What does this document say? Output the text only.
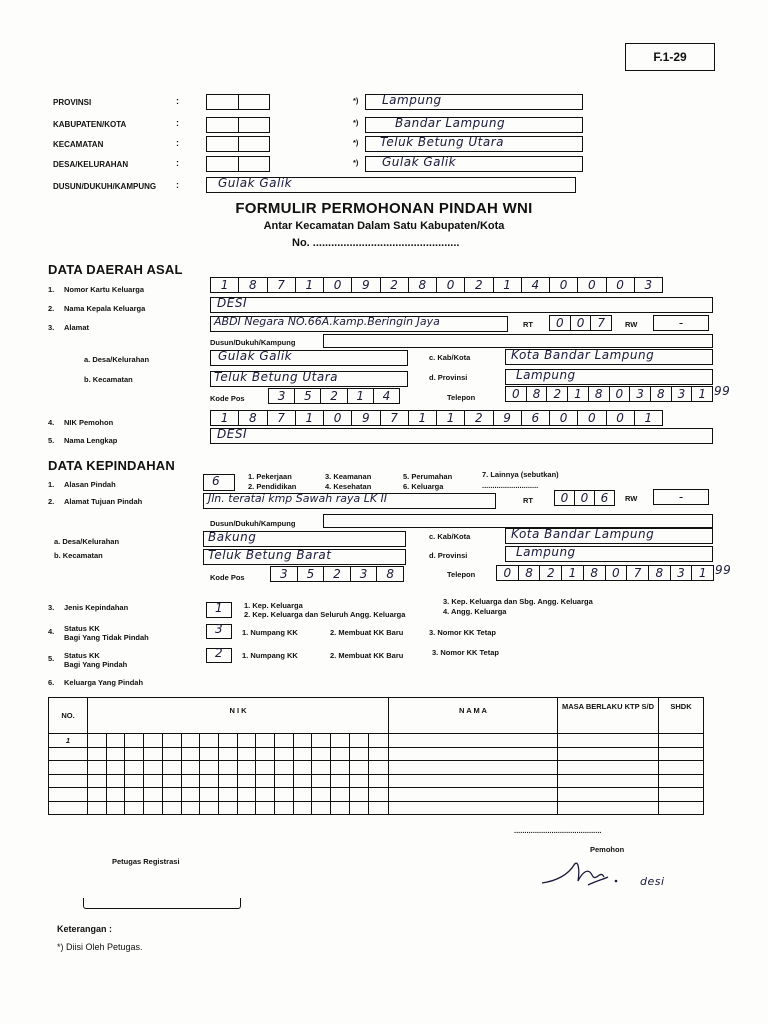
F.1-29
PROVINSI	:	*) Lampung
KABUPATEN/KOTA	:	*)	Bandar Lampung
KECAMATAN	:	*) Teluk Betung Utara
DESA/KELURAHAN	:	*) Gulak Galik
DUSUN/DUKUH/KAMPUNG :	Gulak Galik
FORMULIR PERMOHONAN PINDAH WNI
Antar Kecamatan Dalam Satu Kabupaten/Kota
No. ................................................
DATA DAERAH ASAL
1. Nomor Kartu Keluarga	1	8	7	1	0	9	2	8	0	2	1	4	0	0	0	3
2. Nama Kepala Keluarga	DESI
3. Alamat	ABDI Negara NO.66A.kamp.Beringin Jaya	RT	0	0	7	RW	-
Dusun/Dukuh/Kampung
a. Desa/Kelurahan	Gulak Galik	c. Kab/Kota	Kota Bandar Lampung
b. Kecamatan	Teluk Betung Utara	d. Provinsi	Lampung
Kode Pos	3	5	2	1	4	Telepon	0	8	2	1	8	0	3	8	3	1 99
4. NIK Pemohon	1	8	7	1	0	9	7	1	1	2	9	6	0	0	0	1
5. Nama Lengkap	DESI
DATA KEPINDAHAN
1. Alasan Pindah	6	1. Pekerjaan
2. Pendidikan
3. Keamanan
4. Kesehatan
5. Perumahan
6. Keluarga
7. Lainnya (sebutkan)
...........................
2. Alamat Tujuan Pindah	Jln. teratai kmp Sawah raya LK II	RT	0	0	6	RW	-
Dusun/Dukuh/Kampung
a. Desa/Kelurahan	Bakung	c. Kab/Kota	Kota Bandar Lampung
b. Kecamatan	Teluk Betung Barat	d. Provinsi	Lampung
Kode Pos	3	5	2	3	8	Telepon	0	8	2	1	8	0	7	8	3	1 99
3. Jenis Kepindahan	1	1. Kep. Keluarga
2. Kep. Keluarga dan Seluruh Angg. Keluarga
3. Kep. Keluarga dan Sbg. Angg. Keluarga
4. Angg. Keluarga
4. Status KK
Bagi Yang Tidak Pindah
3	1. Numpang KK	2. Membuat KK Baru	3. Nomor KK Tetap
5. Status KK
Bagi Yang Pindah
2	1. Numpang KK	2. Membuat KK Baru	3. Nomor KK Tetap
6. Keluarga Yang Pindah
NO.	N I K																N A M A	MASA BERLAKU KTP S/D	SHDK
1																			

..........................................
Pemohon
Petugas Registrasi
desi
Keterangan :
*) Diisi Oleh Petugas.
